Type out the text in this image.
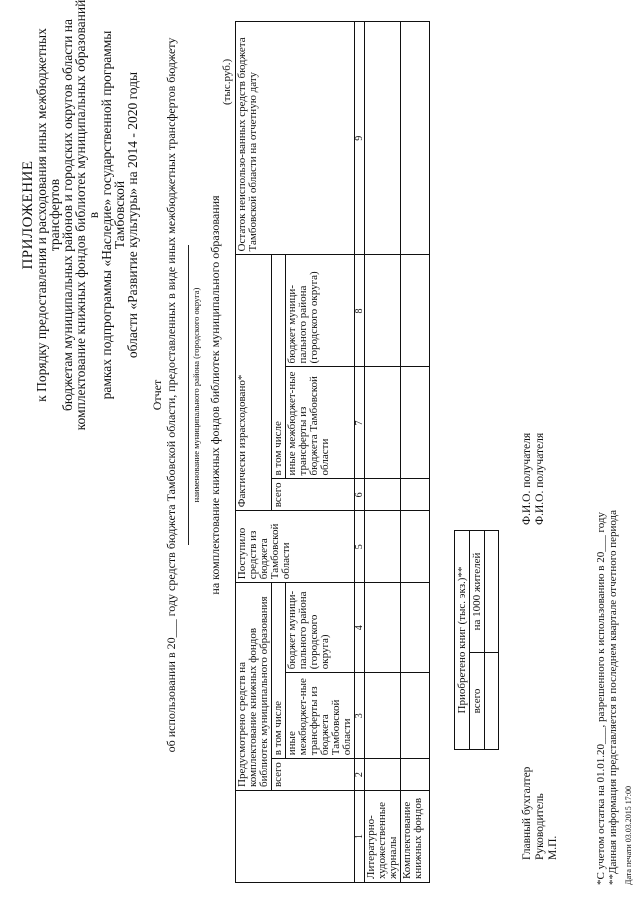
ПРИЛОЖЕНИЕ
к Порядку предоставления и расходования иных межбюджетных трансфертов
бюджетам муниципальных районов и городских округов области на
комплектование книжных фондов библиотек муниципальных образований в
рамках подпрограммы «Наследие» государственной программы Тамбовской
области «Развитие культуры» на 2014 - 2020 годы
Отчет об использовании в 20___ году средств бюджета Тамбовской области, предоставленных в виде иных межбюджетных трансфертов бюджету наименование муниципального района (городского округа) на комплектование книжных фондов библиотек муниципального образования
(тыс.руб.)
	Предусмотрено средств на комплектование книжных фондов библиотек муниципального образования			Поступило средств из бюджета Тамбовской области	Фактически израсходовано*			Остаток неиспользо-ванных средств бюджета Тамбовской области на отчетную дату
	всего	в том числе			всего	в том числе		
		иные межбюджет-ные трансферты из бюджета Тамбовской области	бюджет муници-пального района (городского округа)			иные межбюджет-ные трансферты из бюджета Тамбовской области	бюджет муници-пального района (городского округа)	
1	2	3	4	5	6	7	8	9
Литературно-художественные журналы								
Комплектование книжных фондов								
Приобретено книг (тыс. экз.)**	
всего	на 1000 жителей

Главный бухгалтер Руководитель М.П.
Ф.И.О. получателя Ф.И.О. получателя
*С учетом остатка на 01.01.20___, разрешенного к использованию в 20___ году **Данная информация представляется в последнем квартале отчетного периода Дата печати 03.03.2015 17:00
